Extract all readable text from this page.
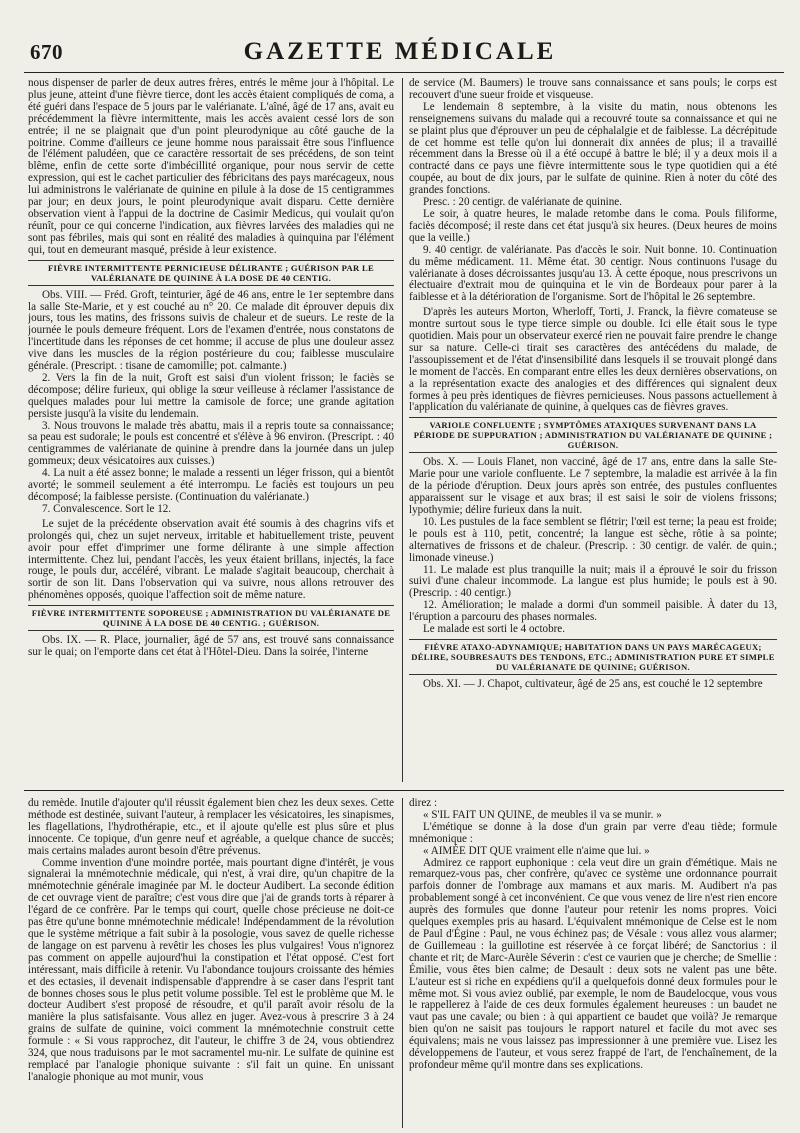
670	GAZETTE MÉDICALE

nous dispenser de parler de deux autres frères, entrés le même jour à l'hôpital. Le plus jeune, atteint d'une fièvre tierce, dont les accès étaient compliqués de coma, a été guéri dans l'espace de 5 jours par le valérianate. L'aîné, âgé de 17 ans, avait eu précédemment la fièvre intermittente, mais les accès avaient cessé lors de son entrée; il ne se plaignait que d'un point pleurodynique au côté gauche de la poitrine. Comme d'ailleurs ce jeune homme nous paraissait être sous l'influence de l'élément paludéen, que ce caractère ressortait de ses précédens, de son teint blême, enfin de cette sorte d'imbécillité organique, pour nous servir de cette expression, qui est le cachet particulier des fébricitans des pays marécageux, nous lui administrons le valérianate de quinine en pilule à la dose de 15 centigrammes par jour; en deux jours, le point pleurodynique avait disparu. Cette dernière observation vient à l'appui de la doctrine de Casimir Medicus, qui voulait qu'on réunît, pour ce qui concerne l'indication, aux fièvres larvées des maladies qui ne sont pas fébriles, mais qui sont en réalité des maladies à quinquina par l'élément qui, tout en demeurant masqué, préside à leur existence.

FIÈVRE INTERMITTENTE PERNICIEUSE DÉLIRANTE ; GUÉRISON PAR LE VALÉRIANATE DE QUININE À LA DOSE DE 40 CENTIG.

Obs. VIII. — Fréd. Groft, teinturier, âgé de 46 ans, entre le 1er septembre dans la salle Ste-Marie, et y est couché au n° 20. Ce malade dit éprouver depuis dix jours, tous les matins, des frissons suivis de chaleur et de sueurs. Le reste de la journée le pouls demeure fréquent. Lors de l'examen d'entrée, nous constatons de l'incertitude dans les réponses de cet homme; il accuse de plus une douleur assez vive dans les muscles de la région postérieure du cou; faiblesse musculaire générale. (Prescript. : tisane de camomille; pot. calmante.)

2. Vers la fin de la nuit, Groft est saisi d'un violent frisson; le faciès se décompose; délire furieux, qui oblige la sœur veilleuse à réclamer l'assistance de quelques malades pour lui mettre la camisole de force; une grande agitation persiste jusqu'à la visite du lendemain.

3. Nous trouvons le malade très abattu, mais il a repris toute sa connaissance; sa peau est sudorale; le pouls est concentré et s'élève à 96 environ. (Prescript. : 40 centigrammes de valérianate de quinine à prendre dans la journée dans un julep gommeux; deux vésicatoires aux cuisses.)

4. La nuit a été assez bonne; le malade a ressenti un léger frisson, qui a bientôt avorté; le sommeil seulement a été interrompu. Le faciès est toujours un peu décomposé; la faiblesse persiste. (Continuation du valérianate.)

7. Convalescence. Sort le 12.

Le sujet de la précédente observation avait été soumis à des chagrins vifs et prolongés qui, chez un sujet nerveux, irritable et habituellement triste, peuvent avoir pour effet d'imprimer une forme délirante à une simple affection intermittente. Chez lui, pendant l'accès, les yeux étaient brillans, injectés, la face rouge, le pouls dur, accéléré, vibrant. Le malade s'agitait beaucoup, cherchait à sortir de son lit. Dans l'observation qui va suivre, nous allons retrouver des phénomènes opposés, quoique l'affection soit de même nature.

FIÈVRE INTERMITTENTE SOPOREUSE ; ADMINISTRATION DU VALÉRIANATE DE QUININE À LA DOSE DE 40 CENTIG. ; GUÉRISON.

Obs. IX. — R. Place, journalier, âgé de 57 ans, est trouvé sans connaissance sur le quai; on l'emporte dans cet état à l'Hôtel-Dieu. Dans la soirée, l'interne

de service (M. Baumers) le trouve sans connaissance et sans pouls; le corps est recouvert d'une sueur froide et visqueuse.

Le lendemain 8 septembre, à la visite du matin, nous obtenons les renseignemens suivans du malade qui a recouvré toute sa connaissance et qui ne se plaint plus que d'éprouver un peu de céphalalgie et de faiblesse. La décrépitude de cet homme est telle qu'on lui donnerait dix années de plus; il a travaillé récemment dans la Bresse où il a été occupé à battre le blé; il y a deux mois il a contracté dans ce pays une fièvre intermittente sous le type quotidien qui a été coupée, au bout de dix jours, par le sulfate de quinine. Rien à noter du côté des grandes fonctions.

Presc. : 20 centigr. de valérianate de quinine.

Le soir, à quatre heures, le malade retombe dans le coma. Pouls filiforme, faciès décomposé; il reste dans cet état jusqu'à six heures. (Deux heures de moins que la veille.)

9. 40 centigr. de valérianate. Pas d'accès le soir. Nuit bonne. 10. Continuation du même médicament. 11. Même état. 30 centigr. Nous continuons l'usage du valérianate à doses décroissantes jusqu'au 13. À cette époque, nous prescrivons un électuaire d'extrait mou de quinquina et le vin de Bordeaux pour parer à la faiblesse et à la détérioration de l'organisme. Sort de l'hôpital le 26 septembre.

D'après les auteurs Morton, Wherloff, Torti, J. Franck, la fièvre comateuse se montre surtout sous le type tierce simple ou double. Ici elle était sous le type quotidien. Mais pour un observateur exercé rien ne pouvait faire prendre le change sur sa nature. Celle-ci tirait ses caractères des antécédens du malade, de l'assoupissement et de l'état d'insensibilité dans lesquels il se trouvait plongé dans le moment de l'accès. En comparant entre elles les deux dernières observations, on a la représentation exacte des analogies et des différences qui signalent deux formes à peu près identiques de fièvres pernicieuses. Nous passons actuellement à l'application du valérianate de quinine, à quelques cas de fièvres graves.

VARIOLE CONFLUENTE ; SYMPTÔMES ATAXIQUES SURVENANT DANS LA PÉRIODE DE SUPPURATION ; ADMINISTRATION DU VALÉRIANATE DE QUININE ; GUÉRISON.

Obs. X. — Louis Flanet, non vacciné, âgé de 17 ans, entre dans la salle Ste-Marie pour une variole confluente. Le 7 septembre, la maladie est arrivée à la fin de la période d'éruption. Deux jours après son entrée, des pustules confluentes apparaissent sur le visage et aux bras; il est saisi le soir de violens frissons; lypothymie; délire furieux dans la nuit.

10. Les pustules de la face semblent se flétrir; l'œil est terne; la peau est froide; le pouls est à 110, petit, concentré; la langue est sèche, rôtie à sa pointe; alternatives de frissons et de chaleur. (Prescrip. : 30 centigr. de valér. de quin.; limonade vineuse.)

11. Le malade est plus tranquille la nuit; mais il a éprouvé le soir du frisson suivi d'une chaleur incommode. La langue est plus humide; le pouls est à 90. (Prescrip. : 40 centigr.)

12. Amélioration; le malade a dormi d'un sommeil paisible. À dater du 13, l'éruption a parcouru des phases normales.

Le malade est sorti le 4 octobre.

FIÈVRE ATAXO-ADYNAMIQUE; HABITATION DANS UN PAYS MARÉCAGEUX; DÉLIRE, SOUBRESAUTS DES TENDONS, ETC.; ADMINISTRATION PURE ET SIMPLE DU VALÉRIANATE DE QUININE; GUÉRISON.

Obs. XI. — J. Chapot, cultivateur, âgé de 25 ans, est couché le 12 septembre

du remède. Inutile d'ajouter qu'il réussit également bien chez les deux sexes. Cette méthode est destinée, suivant l'auteur, à remplacer les vésicatoires, les sinapismes, les flagellations, l'hydrothérapie, etc., et il ajoute qu'elle est plus sûre et plus innocente. Ce topique, d'un genre neuf et agréable, a quelque chance de succès; mais certains malades auront besoin d'être prévenus.

Comme invention d'une moindre portée, mais pourtant digne d'intérêt, je vous signalerai la mnémotechnie médicale, qui n'est, à vrai dire, qu'un chapitre de la mnémotechnie générale imaginée par M. le docteur Audibert. La seconde édition de cet ouvrage vient de paraître; c'est vous dire que j'ai de grands torts à réparer à l'égard de ce confrère. Par le temps qui court, quelle chose précieuse ne doit-ce pas être qu'une bonne mnémotechnie médicale! Indépendamment de la révolution que le système métrique a fait subir à la posologie, vous savez de quelle richesse de langage on est parvenu à revêtir les choses les plus vulgaires! Vous n'ignorez pas comment on appelle aujourd'hui la constipation et l'état opposé. C'est fort intéressant, mais difficile à retenir. Vu l'abondance toujours croissante des hémies et des ectasies, il devenait indispensable d'apprendre à se caser dans l'esprit tant de bonnes choses sous le plus petit volume possible. Tel est le problème que M. le docteur Audibert s'est proposé de résoudre, et qu'il paraît avoir résolu de la manière la plus satisfaisante. Vous allez en juger. Avez-vous à prescrire 3 à 24 grains de sulfate de quinine, voici comment la mnémotechnie construit cette formule : « Si vous rapprochez, dit l'auteur, le chiffre 3 de 24, vous obtiendrez 324, que nous traduisons par le mot sacramentel mu-nir. Le sulfate de quinine est remplacé par l'analogie phonique suivante : s'il fait un quine. En unissant l'analogie phonique au mot munir, vous

direz :

« S'IL FAIT UN QUINE, de meubles il va se munir. »

L'émétique se donne à la dose d'un grain par verre d'eau tiède; formule mnémonique :

« AIMÉE DIT QUE vraiment elle n'aime que lui. »

Admirez ce rapport euphonique : cela veut dire un grain d'émétique. Mais ne remarquez-vous pas, cher confrère, qu'avec ce système une ordonnance pourrait parfois donner de l'ombrage aux mamans et aux maris. M. Audibert n'a pas probablement songé à cet inconvénient. Ce que vous venez de lire n'est rien encore auprès des formules que donne l'auteur pour retenir les noms propres. Voici quelques exemples pris au hasard. L'équivalent mnémonique de Celse est le nom de Paul d'Égine : Paul, ne vous échinez pas; de Vésale : vous allez vous alarmer; de Guillemeau : la guillotine est réservée à ce forçat libéré; de Sanctorius : il chante et rit; de Marc-Aurèle Séverin : c'est ce vaurien que je cherche; de Smellie : Émilie, vous êtes bien calme; de Desault : deux sots ne valent pas une bête. L'auteur est si riche en expédiens qu'il a quelquefois donné deux formules pour le même mot. Si vous aviez oublié, par exemple, le nom de Baudelocque, vous vous le rappellerez à l'aide de ces deux formules également heureuses : un baudet ne vaut pas une cavale; ou bien : à qui appartient ce baudet que voilà? Je remarque bien qu'on ne saisit pas toujours le rapport naturel et facile du mot avec ses équivalens; mais ne vous laissez pas impressionner à une première vue. Lisez les développemens de l'auteur, et vous serez frappé de l'art, de l'enchaînement, de la profondeur même qu'il montre dans ses explications.
